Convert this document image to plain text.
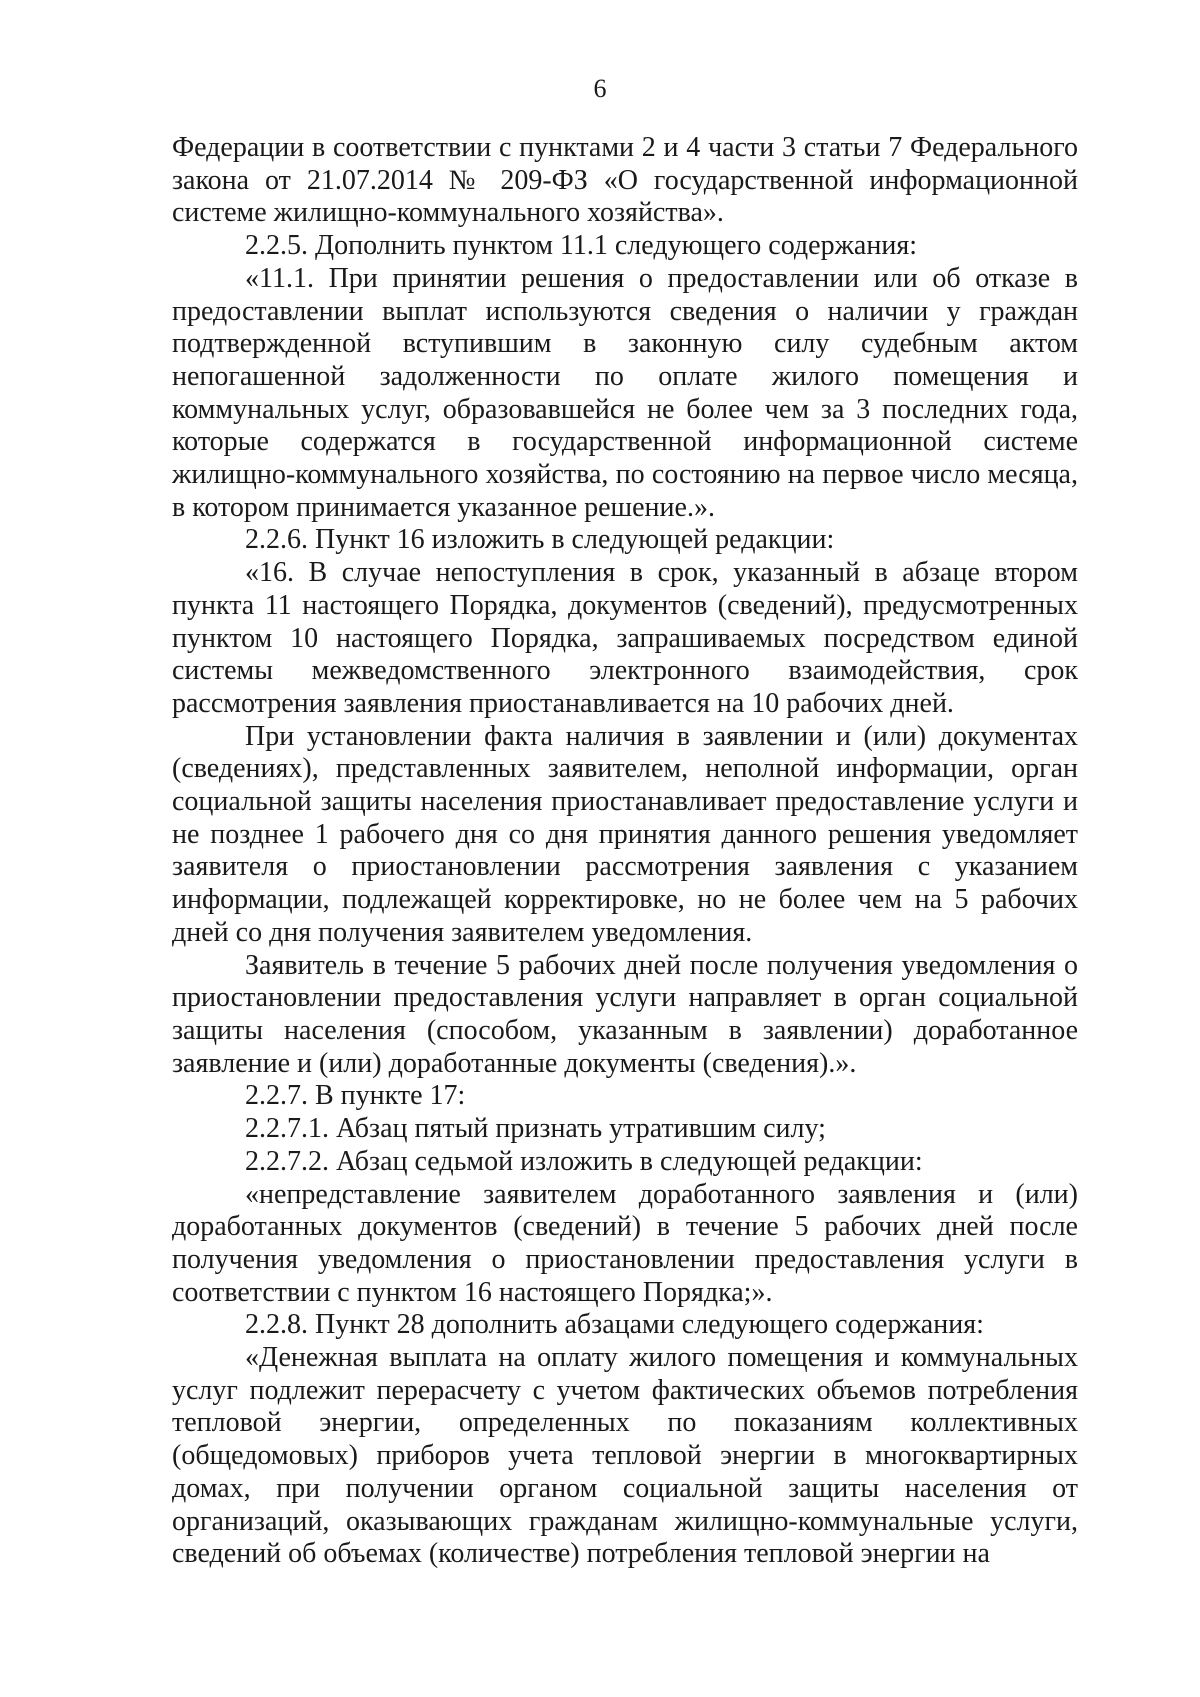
6

Федерации в соответствии с пунктами 2 и 4 части 3 статьи 7 Федерального закона от 21.07.2014 № 209-ФЗ «О государственной информационной системе жилищно-коммунального хозяйства».

2.2.5. Дополнить пунктом 11.1 следующего содержания:

«11.1. При принятии решения о предоставлении или об отказе в предоставлении выплат используются сведения о наличии у граждан подтвержденной вступившим в законную силу судебным актом непогашенной задолженности по оплате жилого помещения и коммунальных услуг, образовавшейся не более чем за 3 последних года, которые содержатся в государственной информационной системе жилищно-коммунального хозяйства, по состоянию на первое число месяца, в котором принимается указанное решение.».

2.2.6. Пункт 16 изложить в следующей редакции:

«16. В случае непоступления в срок, указанный в абзаце втором пункта 11 настоящего Порядка, документов (сведений), предусмотренных пунктом 10 настоящего Порядка, запрашиваемых посредством единой системы межведомственного электронного взаимодействия, срок рассмотрения заявления приостанавливается на 10 рабочих дней.

При установлении факта наличия в заявлении и (или) документах (сведениях), представленных заявителем, неполной информации, орган социальной защиты населения приостанавливает предоставление услуги и не позднее 1 рабочего дня со дня принятия данного решения уведомляет заявителя о приостановлении рассмотрения заявления с указанием информации, подлежащей корректировке, но не более чем на 5 рабочих дней со дня получения заявителем уведомления.

Заявитель в течение 5 рабочих дней после получения уведомления о приостановлении предоставления услуги направляет в орган социальной защиты населения (способом, указанным в заявлении) доработанное заявление и (или) доработанные документы (сведения).».

2.2.7. В пункте 17:

2.2.7.1. Абзац пятый признать утратившим силу;

2.2.7.2. Абзац седьмой изложить в следующей редакции:

«непредставление заявителем доработанного заявления и (или) доработанных документов (сведений) в течение 5 рабочих дней после получения уведомления о приостановлении предоставления услуги в соответствии с пунктом 16 настоящего Порядка;».

2.2.8. Пункт 28 дополнить абзацами следующего содержания:

«Денежная выплата на оплату жилого помещения и коммунальных услуг подлежит перерасчету с учетом фактических объемов потребления тепловой энергии, определенных по показаниям коллективных (общедомовых) приборов учета тепловой энергии в многоквартирных домах, при получении органом социальной защиты населения от организаций, оказывающих гражданам жилищно-коммунальные услуги, сведений об объемах (количестве) потребления тепловой энергии на
